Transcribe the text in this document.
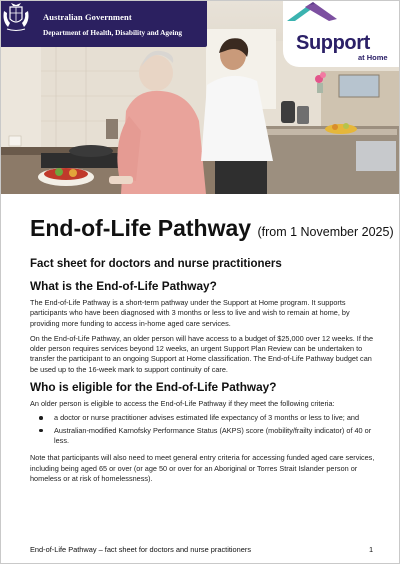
Australian Government
Department of Health, Disability and Ageing	Support
at Home
End-of-Life Pathway (from 1 November 2025)
Fact sheet for doctors and nurse practitioners
What is the End-of-Life Pathway?

The End-of-Life Pathway is a short-term pathway under the Support at Home program. It supports participants who have been diagnosed with 3 months or less to live and wish to remain at home, by providing more funding to access in-home aged care services.

On the End-of-Life Pathway, an older person will have access to a budget of $25,000 over 12 weeks. If the older person requires services beyond 12 weeks, an urgent Support Plan Review can be undertaken to transfer the participant to an ongoing Support at Home classification. The End-of-Life Pathway budget can be used up to the 16-week mark to support continuity of care.

Who is eligible for the End-of-Life Pathway?

An older person is eligible to access the End-of-Life Pathway if they meet the following criteria:

a doctor or nurse practitioner advises estimated life expectancy of 3 months or less to live; and
Australian-modified Karnofsky Performance Status (AKPS) score (mobility/frailty indicator) of 40 or less.

Note that participants will also need to meet general entry criteria for accessing funded aged care services, including being aged 65 or over (or age 50 or over for an Aboriginal or Torres Strait Islander person or homeless or at risk of homelessness).

End-of-Life Pathway – fact sheet for doctors and nurse practitioners	1
